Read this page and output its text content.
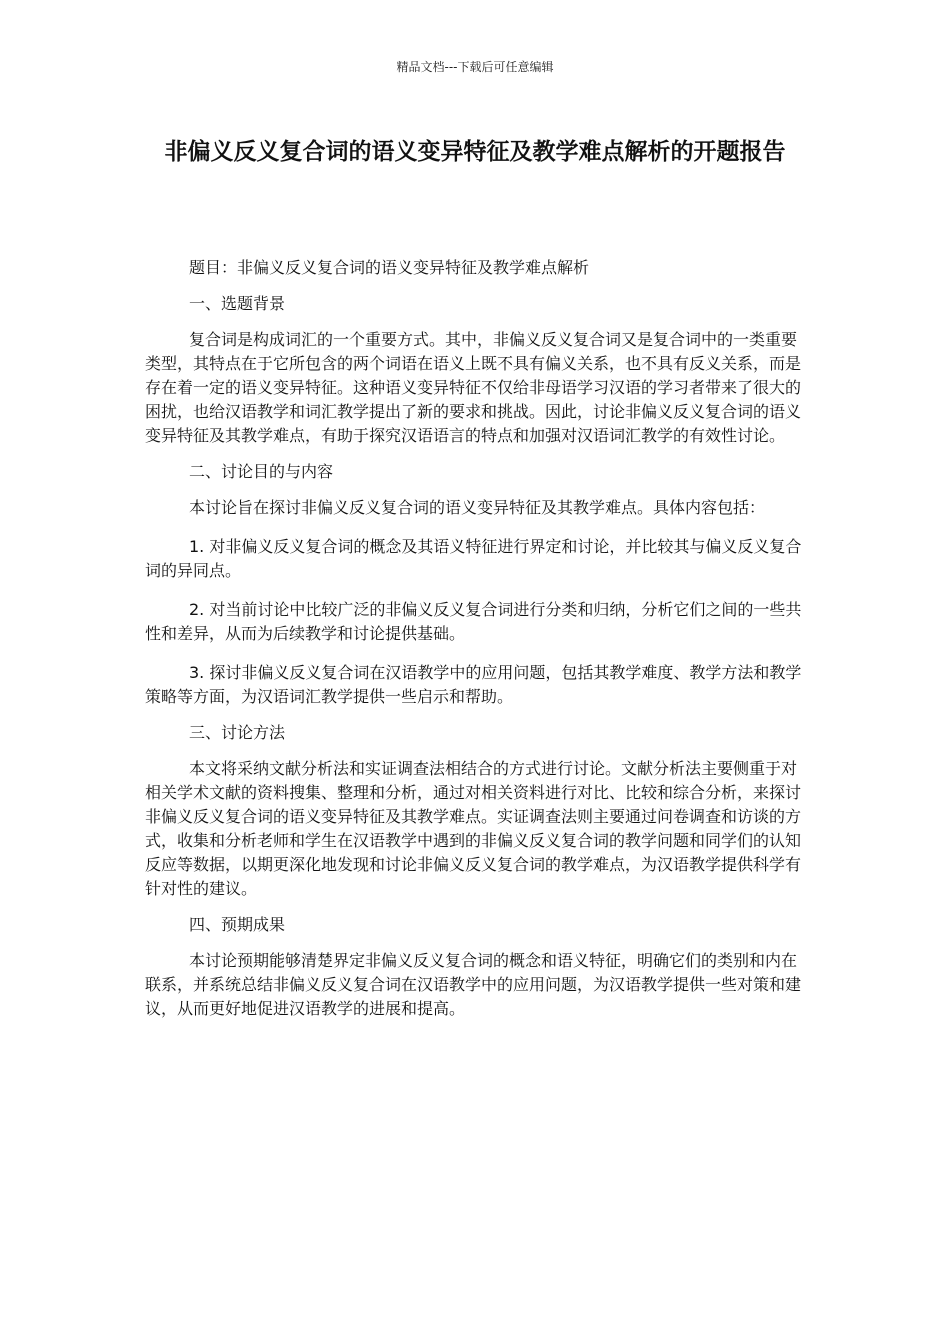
精品文档---下载后可任意编辑
非偏义反义复合词的语义变异特征及教学难点解析的开题报告

题目：非偏义反义复合词的语义变异特征及教学难点解析

一、选题背景

复合词是构成词汇的一个重要方式。其中，非偏义反义复合词又是复合词中的一类重要类型，其特点在于它所包含的两个词语在语义上既不具有偏义关系，也不具有反义关系，而是存在着一定的语义变异特征。这种语义变异特征不仅给非母语学习汉语的学习者带来了很大的困扰，也给汉语教学和词汇教学提出了新的要求和挑战。因此，讨论非偏义反义复合词的语义变异特征及其教学难点，有助于探究汉语语言的特点和加强对汉语词汇教学的有效性讨论。

二、讨论目的与内容

本讨论旨在探讨非偏义反义复合词的语义变异特征及其教学难点。具体内容包括：

1. 对非偏义反义复合词的概念及其语义特征进行界定和讨论，并比较其与偏义反义复合词的异同点。

2. 对当前讨论中比较广泛的非偏义反义复合词进行分类和归纳，分析它们之间的一些共性和差异，从而为后续教学和讨论提供基础。

3. 探讨非偏义反义复合词在汉语教学中的应用问题，包括其教学难度、教学方法和教学策略等方面，为汉语词汇教学提供一些启示和帮助。

三、讨论方法

本文将采纳文献分析法和实证调查法相结合的方式进行讨论。文献分析法主要侧重于对相关学术文献的资料搜集、整理和分析，通过对相关资料进行对比、比较和综合分析，来探讨非偏义反义复合词的语义变异特征及其教学难点。实证调查法则主要通过问卷调查和访谈的方式，收集和分析老师和学生在汉语教学中遇到的非偏义反义复合词的教学问题和同学们的认知反应等数据，以期更深化地发现和讨论非偏义反义复合词的教学难点，为汉语教学提供科学有针对性的建议。

四、预期成果

本讨论预期能够清楚界定非偏义反义复合词的概念和语义特征，明确它们的类别和内在联系，并系统总结非偏义反义复合词在汉语教学中的应用问题，为汉语教学提供一些对策和建议，从而更好地促进汉语教学的进展和提高。
